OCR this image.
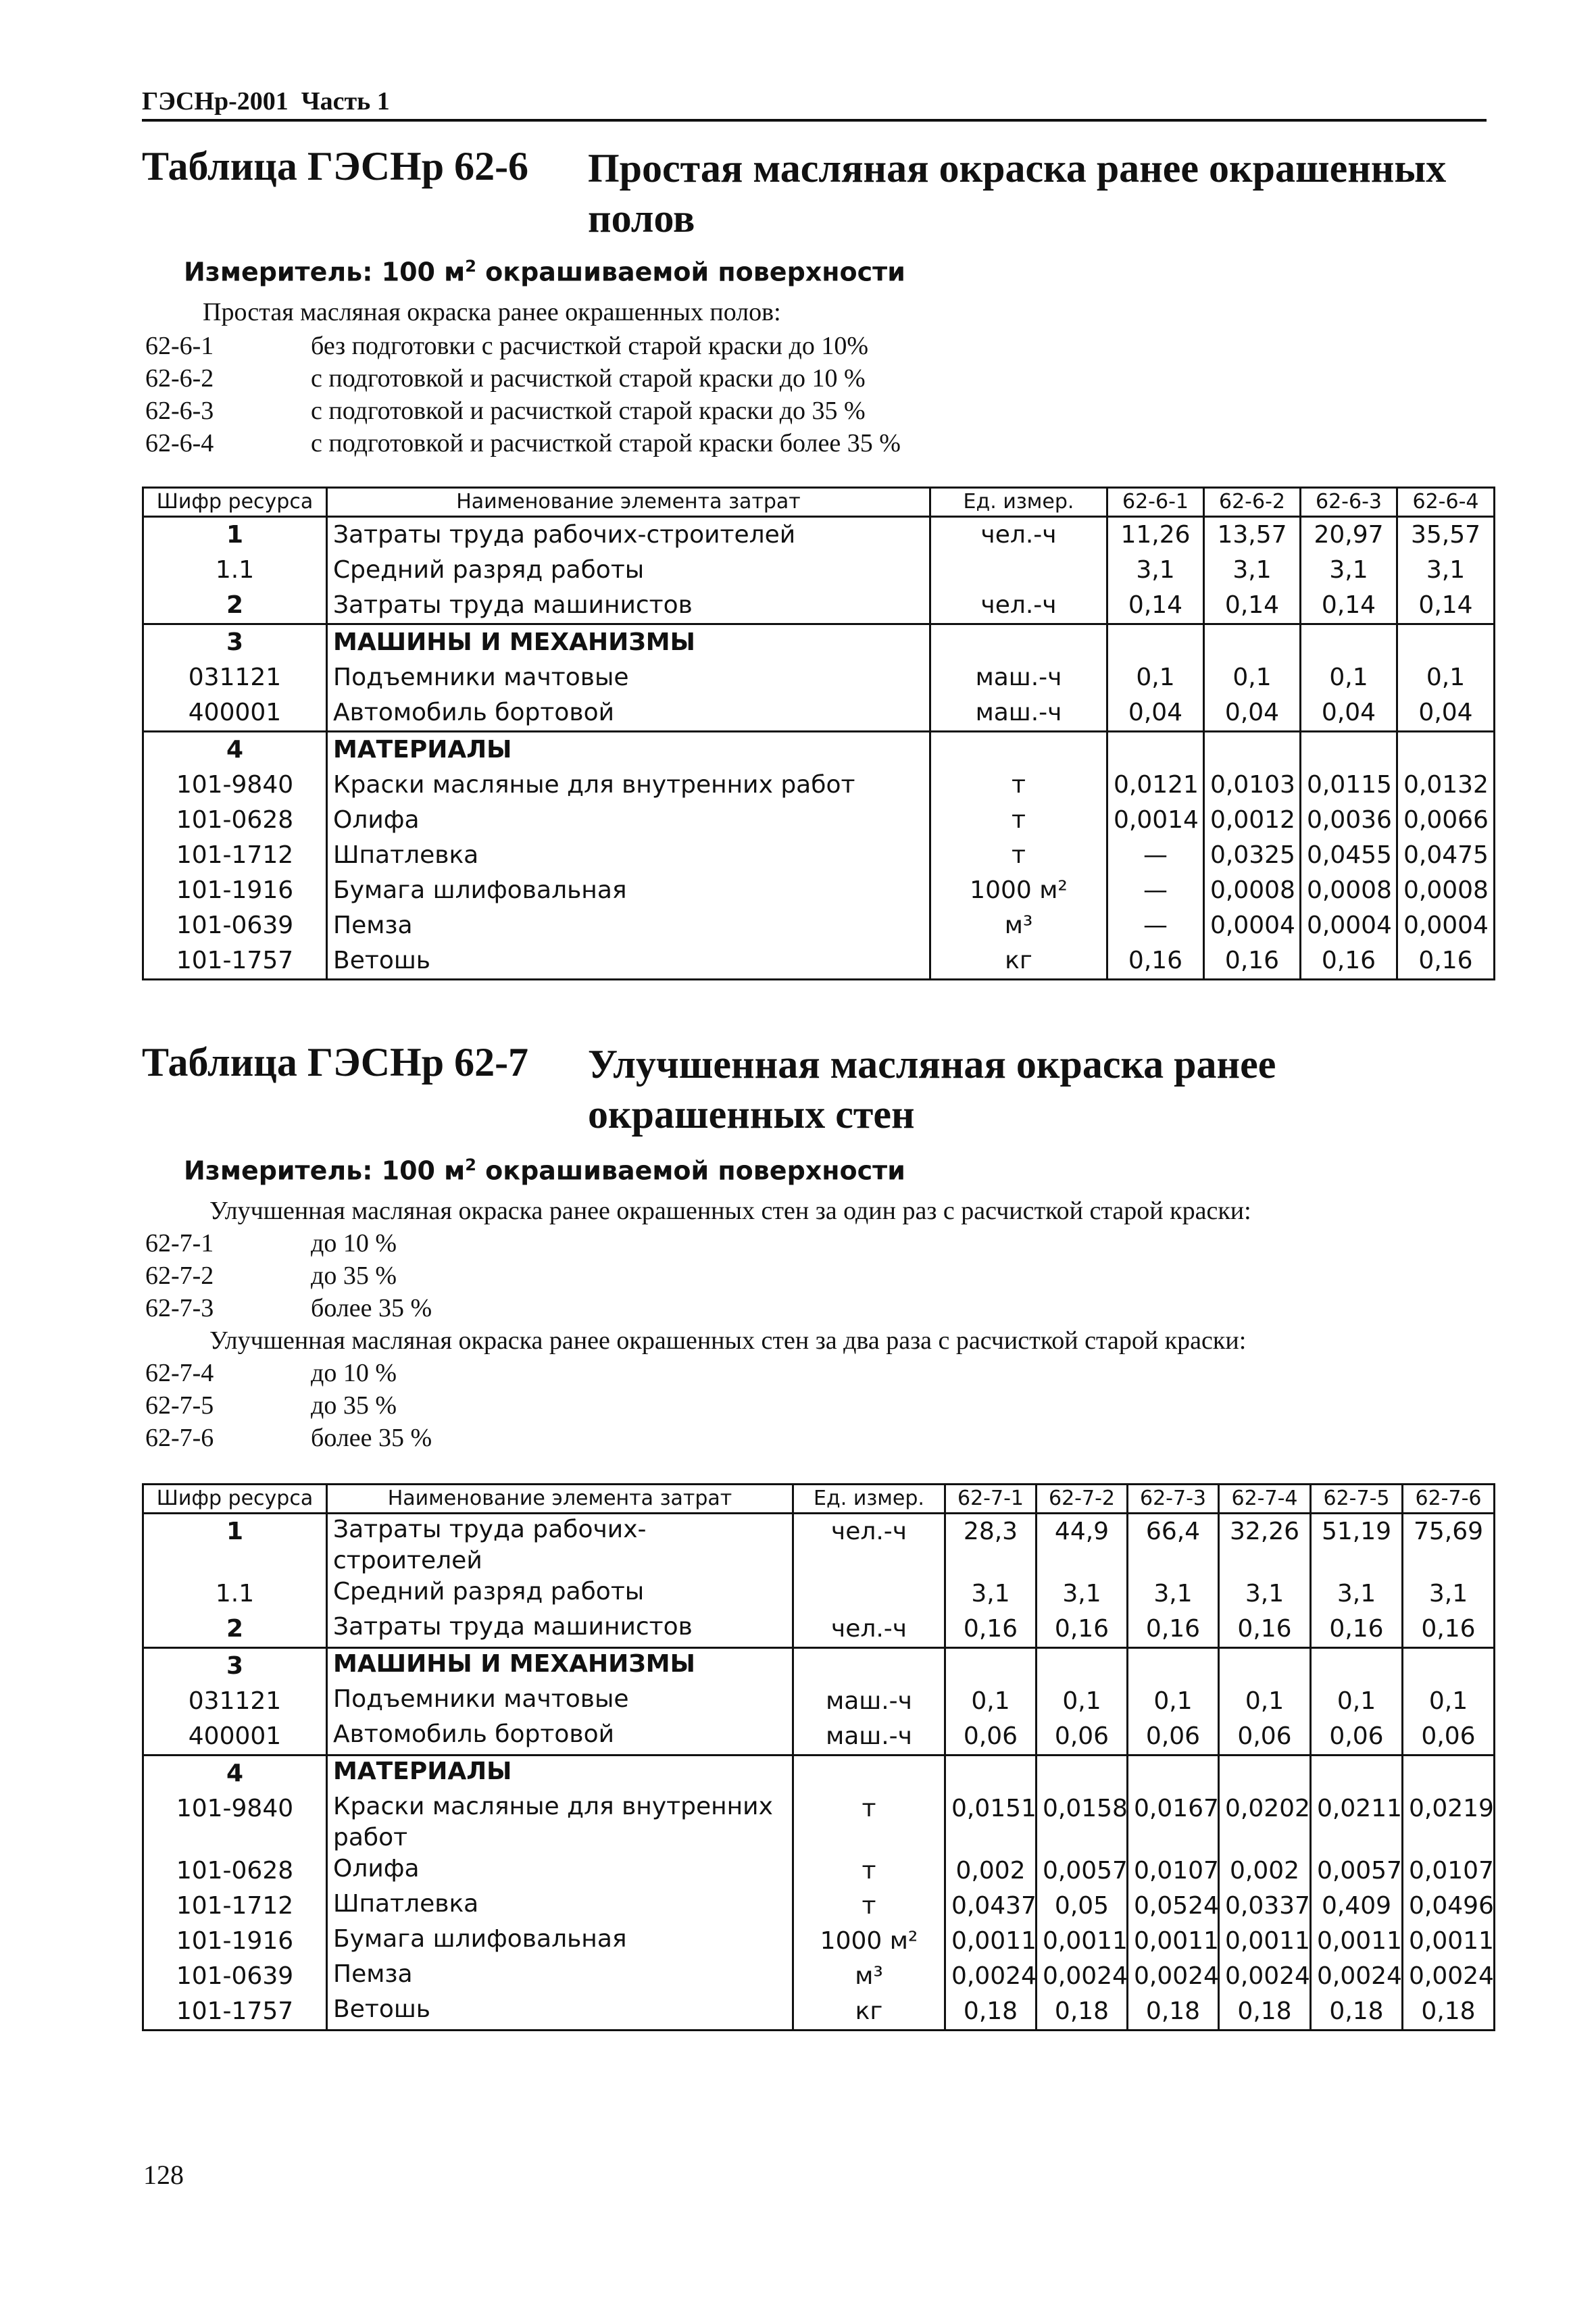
ГЭСНр-2001  Часть 1
Таблица ГЭСНр 62-6 Простая масляная окраска ранее окрашенных полов
Измеритель: 100 $м^2$ окрашиваемой поверхности
Простая масляная окраска ранее окрашенных полов:
62-6-1	без подготовки с расчисткой старой краски до 10%
62-6-2	с подготовкой и расчисткой старой краски до 10 %
62-6-3	с подготовкой и расчисткой старой краски до 35 %
62-6-4	с подготовкой и расчисткой старой краски более 35 %
Шифр ресурса	Наименование элемента затрат	Ед. измер.	62-6-1	62-6-2	62-6-3	62-6-4
1	Затраты труда рабочих-строителей	чел.-ч	11,26	13,57	20,97	35,57
1.1	Средний разряд работы		3,1	3,1	3,1	3,1
2	Затраты труда машинистов	чел.-ч	0,14	0,14	0,14	0,14
3	МАШИНЫ И МЕХАНИЗМЫ					
031121	Подъемники мачтовые	маш.-ч	0,1	0,1	0,1	0,1
400001	Автомобиль бортовой	маш.-ч	0,04	0,04	0,04	0,04
4	МАТЕРИАЛЫ					
101-9840	Краски масляные для внутренних работ	т	0,0121	0,0103	0,0115	0,0132
101-0628	Олифа	т	0,0014	0,0012	0,0036	0,0066
101-1712	Шпатлевка	т	—	0,0325	0,0455	0,0475
101-1916	Бумага шлифовальная	1000 м²	—	0,0008	0,0008	0,0008
101-0639	Пемза	м³	—	0,0004	0,0004	0,0004
101-1757	Ветошь	кг	0,16	0,16	0,16	0,16
Таблица ГЭСНр 62-7 Улучшенная масляная окраска ранее окрашенных стен
Измеритель: 100 $м^2$ окрашиваемой поверхности
Улучшенная масляная окраска ранее окрашенных стен за один раз с расчисткой старой краски:
62-7-1	до 10 %
62-7-2	до 35 %
62-7-3	более 35 %
Улучшенная масляная окраска ранее окрашенных стен за два раза с расчисткой старой краски:
62-7-4	до 10 %
62-7-5	до 35 %
62-7-6	более 35 %
Шифр ресурса	Наименование элемента затрат	Ед. измер.	62-7-1	62-7-2	62-7-3	62-7-4	62-7-5	62-7-6
1	Затраты труда рабочих-строителей	чел.-ч	28,3	44,9	66,4	32,26	51,19	75,69
1.1	Средний разряд работы		3,1	3,1	3,1	3,1	3,1	3,1
2	Затраты труда машинистов	чел.-ч	0,16	0,16	0,16	0,16	0,16	0,16
3	МАШИНЫ И МЕХАНИЗМЫ							
031121	Подъемники мачтовые	маш.-ч	0,1	0,1	0,1	0,1	0,1	0,1
400001	Автомобиль бортовой	маш.-ч	0,06	0,06	0,06	0,06	0,06	0,06
4	МАТЕРИАЛЫ							
101-9840	Краски масляные для внутренних работ	т	0,0151	0,0158	0,0167	0,0202	0,0211	0,0219
101-0628	Олифа	т	0,002	0,0057	0,0107	0,002	0,0057	0,0107
101-1712	Шпатлевка	т	0,0437	0,05	0,0524	0,0337	0,409	0,0496
101-1916	Бумага шлифовальная	1000 м²	0,0011	0,0011	0,0011	0,0011	0,0011	0,0011
101-0639	Пемза	м³	0,0024	0,0024	0,0024	0,0024	0,0024	0,0024
101-1757	Ветошь	кг	0,18	0,18	0,18	0,18	0,18	0,18
128
